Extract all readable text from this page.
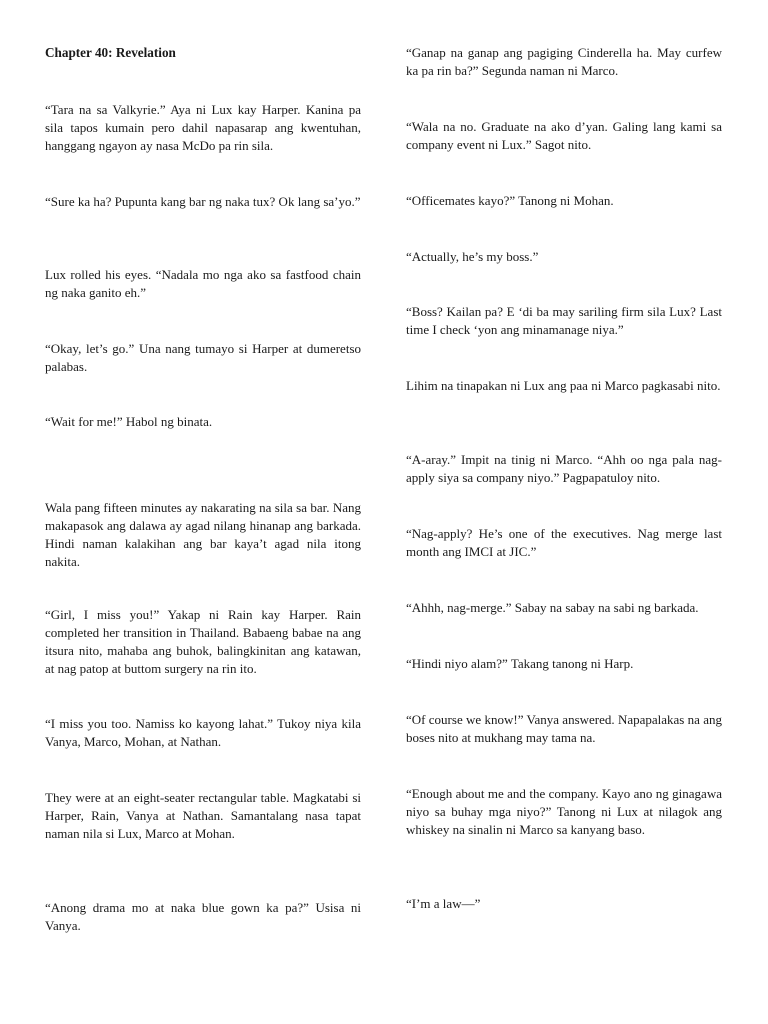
Chapter 40: Revelation

“Tara na sa Valkyrie.” Aya ni Lux kay Harper. Kanina pa sila tapos kumain pero dahil napasarap ang kwentuhan, hanggang ngayon ay nasa McDo pa rin sila.

“Sure ka ha? Pupunta kang bar ng naka tux? Ok lang sa’yo.”

Lux rolled his eyes. “Nadala mo nga ako sa fastfood chain ng naka ganito eh.”

“Okay, let’s go.” Una nang tumayo si Harper at dumeretso palabas.

“Wait for me!” Habol ng binata.

Wala pang fifteen minutes ay nakarating na sila sa bar. Nang makapasok ang dalawa ay agad nilang hinanap ang barkada. Hindi naman kalakihan ang bar kaya’t agad nila itong nakita.

“Girl, I miss you!” Yakap ni Rain kay Harper. Rain completed her transition in Thailand. Babaeng babae na ang itsura nito, mahaba ang buhok, balingkinitan ang katawan, at nag patop at buttom surgery na rin ito.

“I miss you too. Namiss ko kayong lahat.” Tukoy niya kila Vanya, Marco, Mohan, at Nathan.

They were at an eight-seater rectangular table. Magkatabi si Harper, Rain, Vanya at Nathan. Samantalang nasa tapat naman nila si Lux, Marco at Mohan.

“Anong drama mo at naka blue gown ka pa?” Usisa ni Vanya.

“Ganap na ganap ang pagiging Cinderella ha. May curfew ka pa rin ba?” Segunda naman ni Marco.

“Wala na no. Graduate na ako d’yan. Galing lang kami sa company event ni Lux.” Sagot nito.

“Officemates kayo?” Tanong ni Mohan.

“Actually, he’s my boss.”

“Boss? Kailan pa? E ‘di ba may sariling firm sila Lux? Last time I check ‘yon ang minamanage niya.”

Lihim na tinapakan ni Lux ang paa ni Marco pagkasabi nito.

“A-aray.” Impit na tinig ni Marco. “Ahh oo nga pala nag-apply siya sa company niyo.” Pagpapatuloy nito.

“Nag-apply? He’s one of the executives. Nag merge last month ang IMCI at JIC.”

“Ahhh, nag-merge.” Sabay na sabay na sabi ng barkada.

“Hindi niyo alam?” Takang tanong ni Harp.

“Of course we know!” Vanya answered. Napapalakas na ang boses nito at mukhang may tama na.

“Enough about me and the company. Kayo ano ng ginagawa niyo sa buhay mga niyo?” Tanong ni Lux at nilagok ang whiskey na sinalin ni Marco sa kanyang baso.

“I’m a law—”
